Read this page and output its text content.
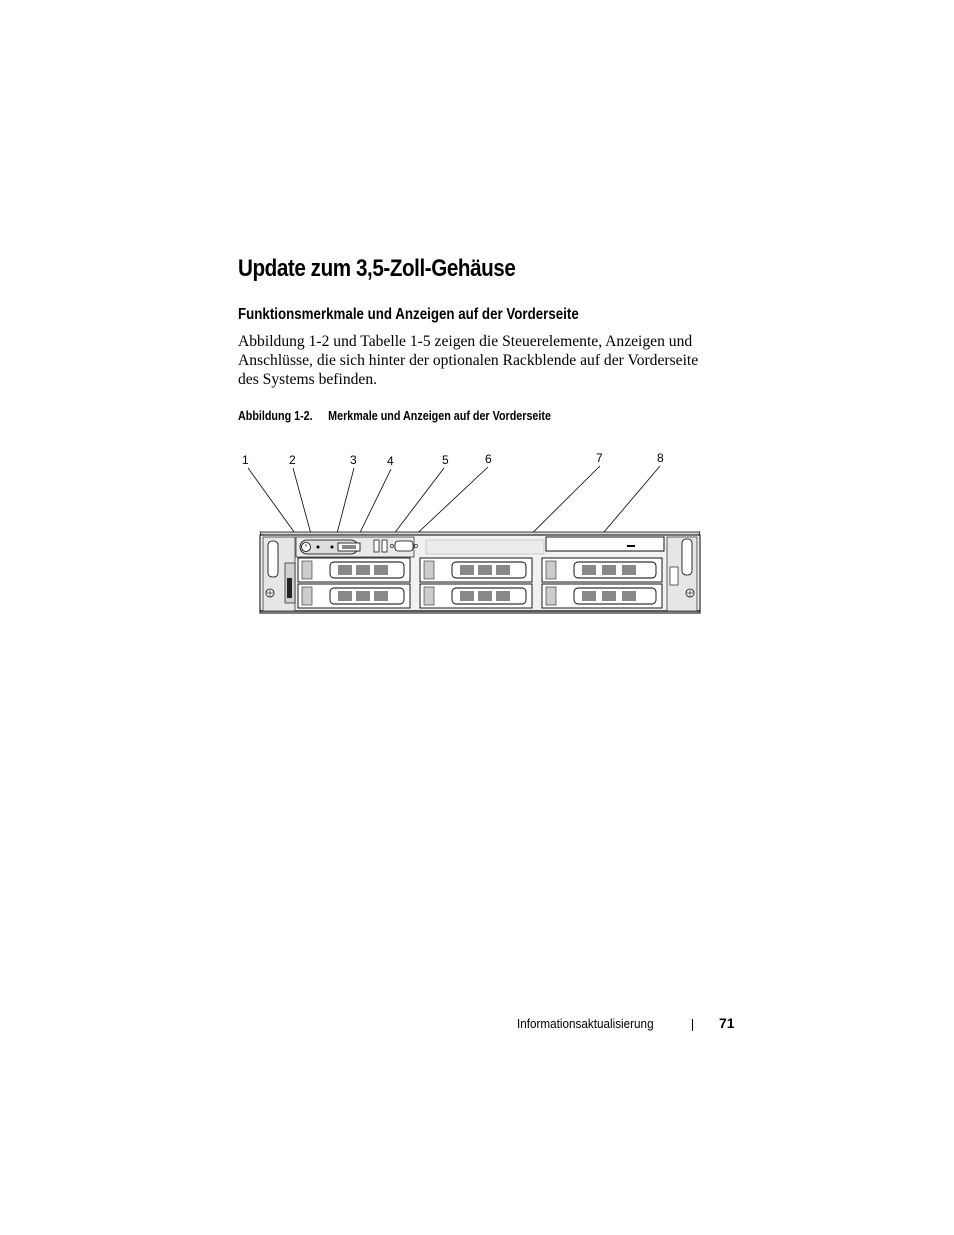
Update zum 3,5-Zoll-Gehäuse
Funktionsmerkmale und Anzeigen auf der Vorderseite

Abbildung 1-2 und Tabelle 1-5 zeigen die Steuerelemente, Anzeigen und
Anschlüsse, die sich hinter der optionalen Rackblende auf der Vorderseite
des Systems befinden.

Abbildung 1-2. Merkmale und Anzeigen auf der Vorderseite
1	2	3	4	5	6	7	8
Informationsaktualisierung	71
